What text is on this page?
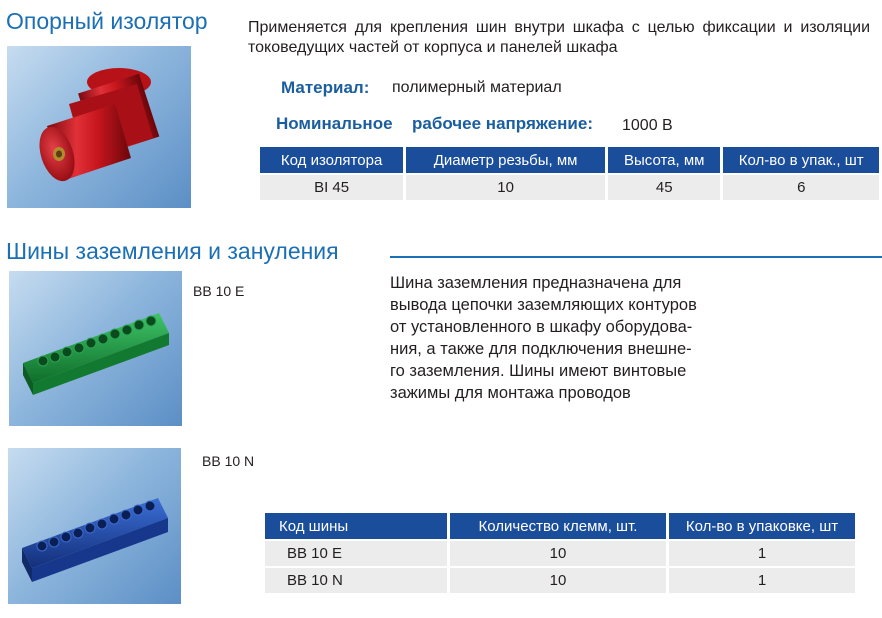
Опорный изолятор	Применяется для крепления шин внутри шкафа с целью фиксации и изоляции токоведущих частей от корпуса и панелей шкафа
Материал: полимерный материал
Номинальное рабочее напряжение: 1000 В
Код изолятора	Диаметр резьбы, мм	Высота, мм	Кол-во в упак., шт
BI 45	10	45	6
Шины заземления и зануления
BB 10 E	Шина заземления предназначена для
вывода цепочки заземляющих контуров
от установленного в шкафу оборудова-
ния, а также для подключения внешне-
го заземления. Шины имеют винтовые
зажимы для монтажа проводов
BB 10 N
Код шины	Количество клемм, шт.	Кол-во в упаковке, шт
BB 10 E	10	1
BB 10 N	10	1
